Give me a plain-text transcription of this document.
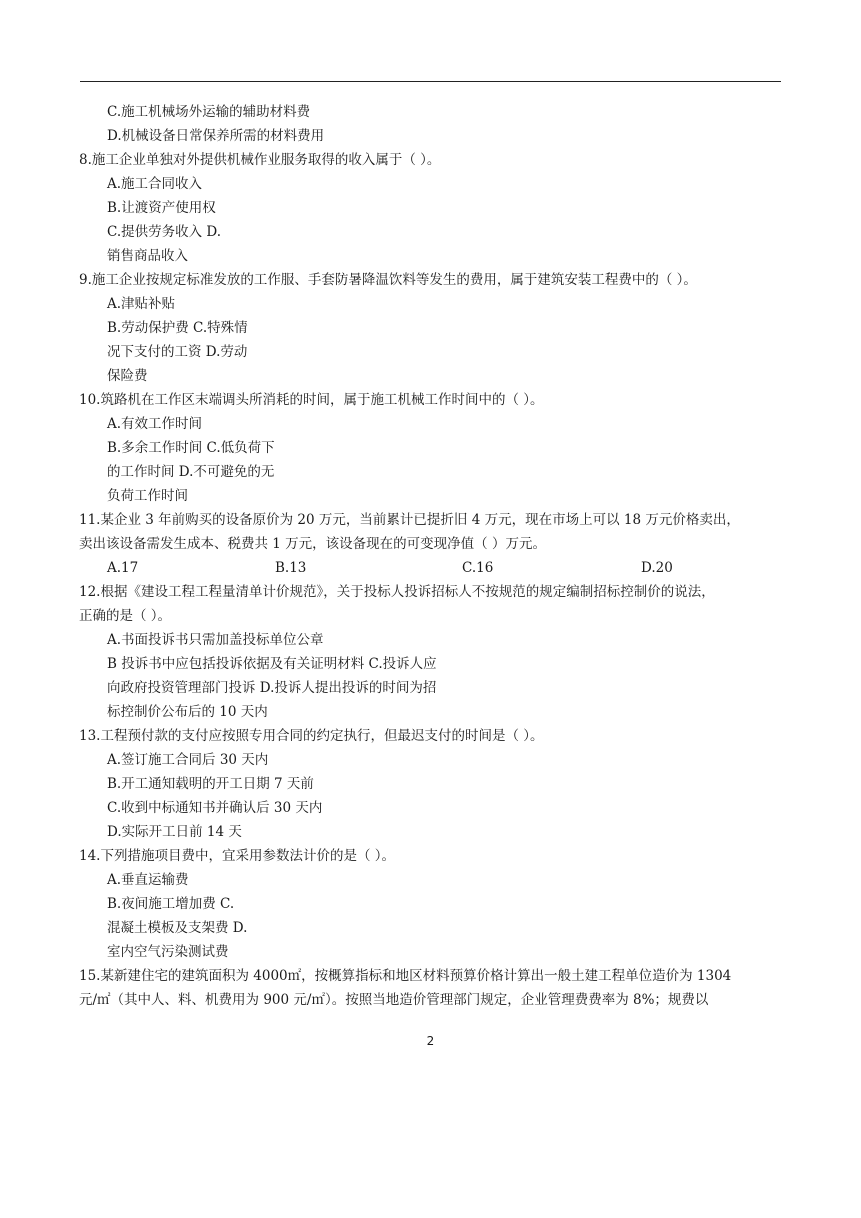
C.施工机械场外运输的辅助材料费
D.机械设备日常保养所需的材料费用
8.施工企业单独对外提供机械作业服务取得的收入属于（ ）。
A.施工合同收入
B.让渡资产使用权
C.提供劳务收入 D.
销售商品收入
9.施工企业按规定标准发放的工作服、手套防暑降温饮料等发生的费用，属于建筑安装工程费中的（ ）。
A.津贴补贴
B.劳动保护费 C.特殊情
况下支付的工资 D.劳动
保险费
10.筑路机在工作区末端调头所消耗的时间，属于施工机械工作时间中的（ ）。
A.有效工作时间
B.多余工作时间 C.低负荷下
的工作时间 D.不可避免的无
负荷工作时间
11.某企业 3 年前购买的设备原价为 20 万元，当前累计已提折旧 4 万元，现在市场上可以 18 万元价格卖出，
卖出该设备需发生成本、税费共 1 万元，该设备现在的可变现净值（ ）万元。
A.17	B.13	C.16	D.20
12.根据《建设工程工程量清单计价规范》，关于投标人投诉招标人不按规范的规定编制招标控制价的说法，
正确的是（ ）。
A.书面投诉书只需加盖投标单位公章
B 投诉书中应包括投诉依据及有关证明材料 C.投诉人应
向政府投资管理部门投诉 D.投诉人提出投诉的时间为招
标控制价公布后的 10 天内
13.工程预付款的支付应按照专用合同的约定执行，但最迟支付的时间是（ ）。
A.签订施工合同后 30 天内
B.开工通知载明的开工日期 7 天前
C.收到中标通知书并确认后 30 天内
D.实际开工日前 14 天
14.下列措施项目费中，宜采用参数法计价的是（ ）。
A.垂直运输费
B.夜间施工增加费 C.
混凝土模板及支架费 D.
室内空气污染测试费
15.某新建住宅的建筑面积为 4000㎡，按概算指标和地区材料预算价格计算出一般土建工程单位造价为 1304
元/㎡（其中人、料、机费用为 900 元/㎡）。按照当地造价管理部门规定，企业管理费费率为 8%；规费以
2
